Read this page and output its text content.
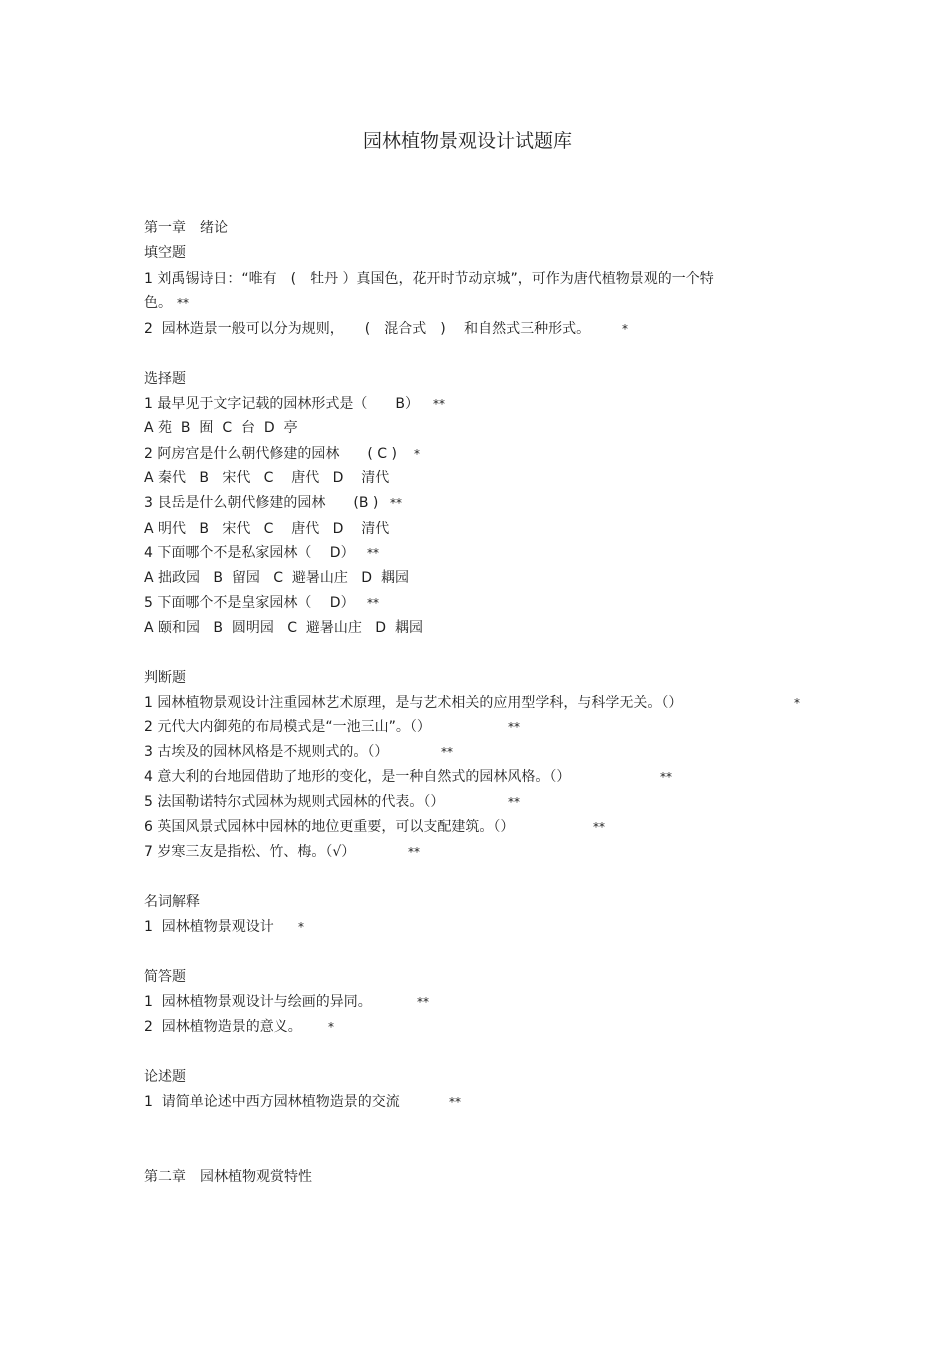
园林植物景观设计试题库
第一章　绪论
填空题
1 刘禹锡诗日：“唯有　(　牡丹 ）真国色，花开时节动京城”，可作为唐代植物景观的一个特
色。 **
2  园林造景一般可以分为规则，　　(　混合式　)　 和自然式三种形式。	*
选择题
1 最早见于文字记载的园林形式是（　　B） **
A 苑  B  囿  C  台  D  亭
2 阿房宫是什么朝代修建的园林　　( C ) *
A 秦代   B   宋代   C    唐代   D    清代
3 艮岳是什么朝代修建的园林　　(B ) **
A 明代   B   宋代   C    唐代   D    清代
4 下面哪个不是私家园林（　 D） **
A 拙政园   B  留园   C  避暑山庄   D  耦园
5 下面哪个不是皇家园林（　 D） **
A 颐和园   B  圆明园   C  避暑山庄   D  耦园
判断题
1 园林植物景观设计注重园林艺术原理，是与艺术相关的应用型学科，与科学无关。（）	*
2 元代大内御苑的布局模式是“一池三山”。（）	**
3 古埃及的园林风格是不规则式的。（）	**
4 意大利的台地园借助了地形的变化，是一种自然式的园林风格。（）	**
5 法国勒诺特尔式园林为规则式园林的代表。（）	**
6 英国风景式园林中园林的地位更重要，可以支配建筑。（）	**
7 岁寒三友是指松、竹、梅。（√）	**
名词解释
1  园林植物景观设计 *
简答题
1  园林植物景观设计与绘画的异同。	**
2  园林植物造景的意义。 *
论述题
1  请简单论述中西方园林植物造景的交流	**
第二章　园林植物观赏特性
